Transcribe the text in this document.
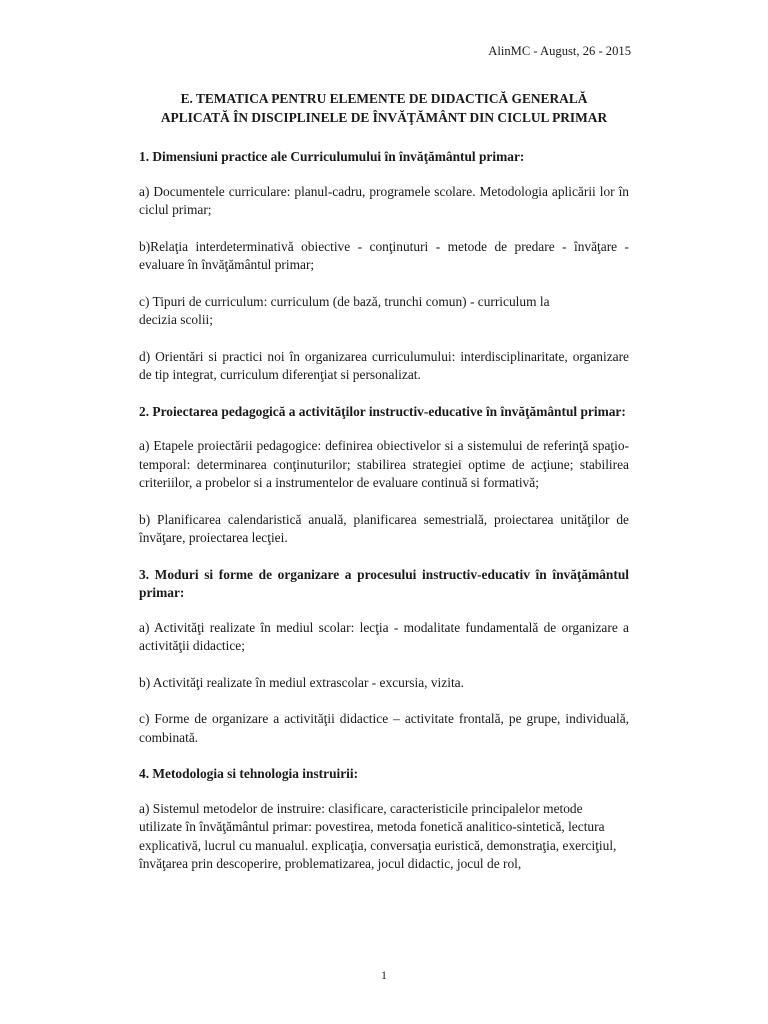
AlinMC - August, 26 - 2015
E. TEMATICA PENTRU ELEMENTE DE DIDACTICĂ GENERALĂ
APLICATĂ ÎN DISCIPLINELE DE ÎNVĂŢĂMÂNT DIN CICLUL PRIMAR
1. Dimensiuni practice ale Curriculumului în învăţământul primar:
a) Documentele curriculare: planul-cadru, programele scolare. Metodologia aplicării lor în ciclul primar;
b)Relaţia interdeterminativă obiective - conţinuturi - metode de predare - învăţare - evaluare în învăţământul primar;
c) Tipuri de curriculum: curriculum (de bază, trunchi comun) - curriculum la decizia scolii;
d) Orientări si practici noi în organizarea curriculumului: interdisciplinaritate, organizare de tip integrat, curriculum diferenţiat si personalizat.
2. Proiectarea pedagogică a activităţilor instructiv-educative în învăţământul primar:
a) Etapele proiectării pedagogice: definirea obiectivelor si a sistemului de referinţă spaţio-temporal: determinarea conţinuturilor; stabilirea strategiei optime de acţiune; stabilirea criteriilor, a probelor si a instrumentelor de evaluare continuă si formativă;
b) Planificarea calendaristică anuală, planificarea semestrială, proiectarea unităţilor de învăţare, proiectarea lecţiei.
3. Moduri si forme de organizare a procesului instructiv-educativ în învăţământul primar:
a) Activităţi realizate în mediul scolar: lecţia - modalitate fundamentală de organizare a activităţii didactice;
b) Activităţi realizate în mediul extrascolar - excursia, vizita.
c) Forme de organizare a activităţii didactice – activitate frontală, pe grupe, individuală, combinată.
4. Metodologia si tehnologia instruirii:
a) Sistemul metodelor de instruire: clasificare, caracteristicile principalelor metode utilizate în învăţământul primar: povestirea, metoda fonetică analitico-sintetică, lectura explicativă, lucrul cu manualul. explicaţia, conversaţia euristică, demonstraţia, exerciţiul, învăţarea prin descoperire, problematizarea, jocul didactic, jocul de rol,
1
